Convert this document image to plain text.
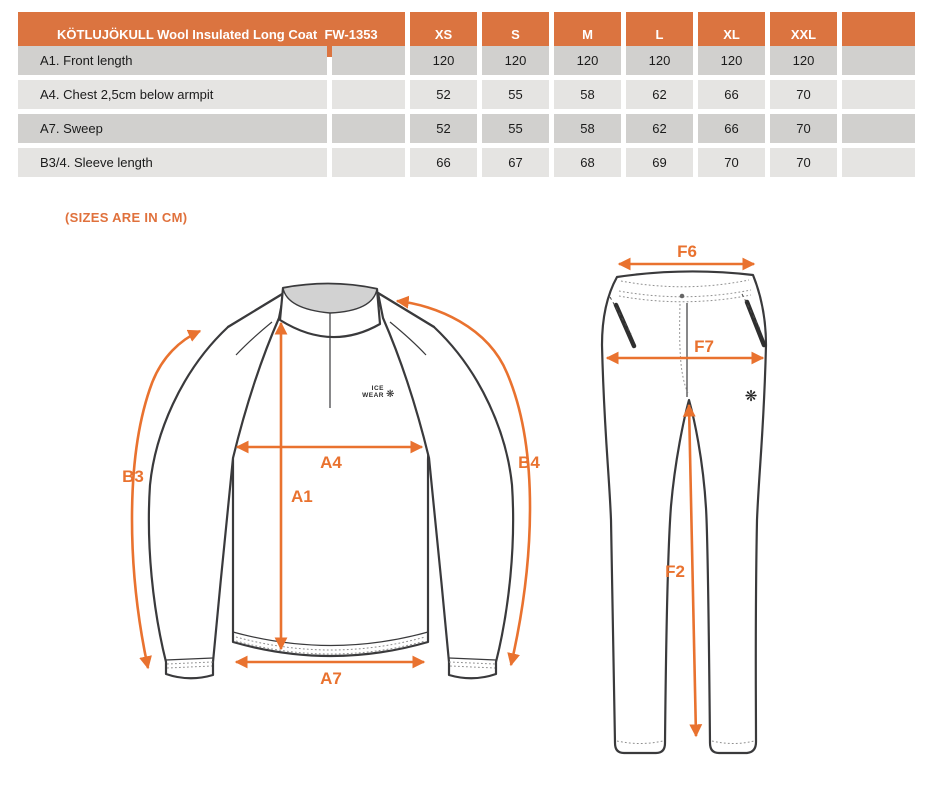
KÖTLUJÖKULL Wool Insulated Long Coat  FW-1353	XS	S	M	L	XL	XXL
A1. Front length	120	120	120	120	120	120
A4. Chest 2,5cm below armpit	52	55	58	62	66	70
A7. Sweep	52	55	58	62	66	70
B3/4. Sleeve length	66	67	68	69	70	70
(SIZES ARE IN CM)
ICE
WEAR ❋
B3
B4
A4
A1
A7
❋
F6
F7
F2
